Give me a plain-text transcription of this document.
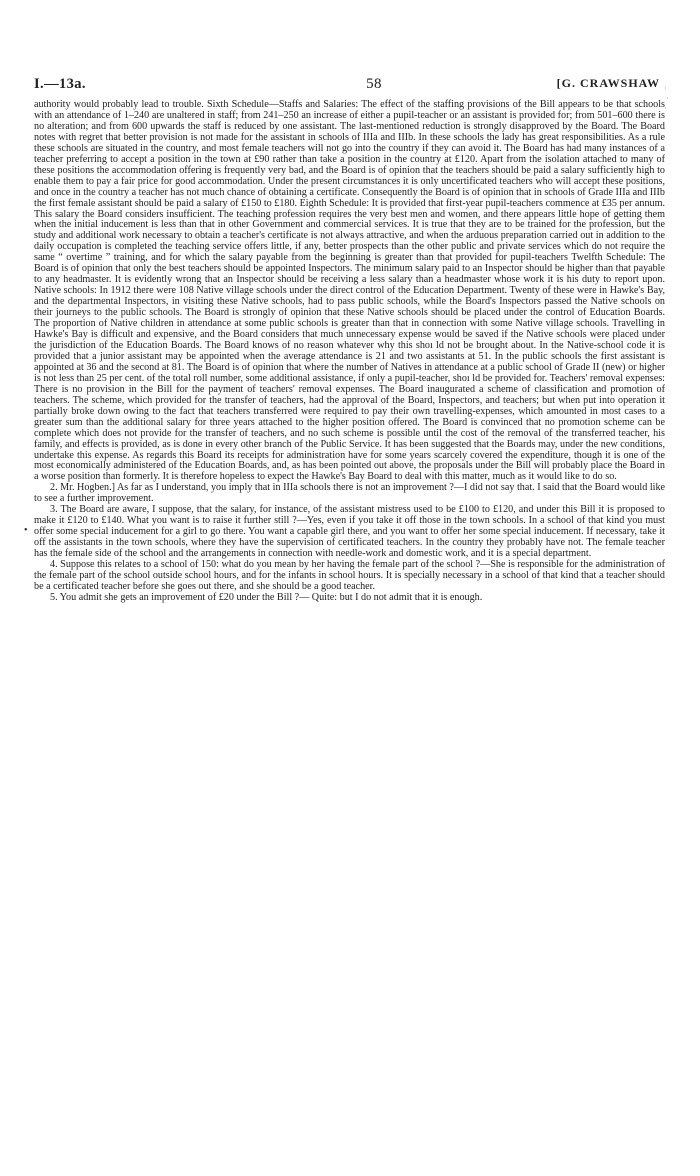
I.—13a.	58	[G. CRAWSHAW ·
·
·
•

authority would probably lead to trouble. Sixth Schedule—Staffs and Salaries: The effect of the staffing provisions of the Bill appears to be that schools with an attendance of 1–240 are unaltered in staff; from 241–250 an increase of either a pupil-teacher or an assistant is provided for; from 501–600 there is no alteration; and from 600 upwards the staff is reduced by one assistant. The last-mentioned reduction is strongly disapproved by the Board. The Board notes with regret that better provision is not made for the assistant in schools of IIIa and IIIb. In these schools the lady has great responsibilities. As a rule these schools are situated in the country, and most female teachers will not go into the country if they can avoid it. The Board has had many instances of a teacher preferring to accept a position in the town at £90 rather than take a position in the country at £120. Apart from the isolation attached to many of these positions the accommodation offering is frequently very bad, and the Board is of opinion that the teachers should be paid a salary sufficiently high to enable them to pay a fair price for good accommodation. Under the present circumstances it is only uncertificated teachers who will accept these positions, and once in the country a teacher has not much chance of obtaining a certificate. Consequently the Board is of opinion that in schools of Grade IIIa and IIIb the first female assistant should be paid a salary of £150 to £180. Eighth Schedule: It is provided that first-year pupil-teachers commence at £35 per annum. This salary the Board considers insufficient. The teaching profession requires the very best men and women, and there appears little hope of getting them when the initial inducement is less than that in other Government and commercial services. It is true that they are to be trained for the profession, but the study and additional work necessary to obtain a teacher's certificate is not always attractive, and when the arduous preparation carried out in addition to the daily occupation is completed the teaching service offers little, if any, better prospects than the other public and private services which do not require the same “ overtime ” training, and for which the salary payable from the beginning is greater than that provided for pupil-teachers Twelfth Schedule: The Board is of opinion that only the best teachers should be appointed Inspectors. The minimum salary paid to an Inspector should be higher than that payable to any headmaster. It is evidently wrong that an Inspector should be receiving a less salary than a headmaster whose work it is his duty to report upon. Native schools: In 1912 there were 108 Native village schools under the direct control of the Education Department. Twenty of these were in Hawke's Bay, and the departmental Inspectors, in visiting these Native schools, had to pass public schools, while the Board's Inspectors passed the Native schools on their journeys to the public schools. The Board is strongly of opinion that these Native schools should be placed under the control of Education Boards. The proportion of Native children in attendance at some public schools is greater than that in connection with some Native village schools. Travelling in Hawke's Bay is difficult and expensive, and the Board considers that much unnecessary expense would be saved if the Native schools were placed under the jurisdiction of the Education Boards. The Board knows of no reason whatever why this shoı ld not be brought about. In the Native-school code it is provided that a junior assistant may be appointed when the average attendance is 21 and two assistants at 51. In the public schools the first assistant is appointed at 36 and the second at 81. The Board is of opinion that where the number of Natives in attendance at a public school of Grade II (new) or higher is not less than 25 per cent. of the total roll number, some additional assistance, if only a pupil-teacher, shoı ld be provided for. Teachers' removal expenses: There is no provision in the Bill for the payment of teachers' removal expenses. The Board inaugurated a scheme of classification and promotion of teachers. The scheme, which provided for the transfer of teachers, had the approval of the Board, Inspectors, and teachers; but when put into operation it partially broke down owing to the fact that teachers transferred were required to pay their own travelling-expenses, which amounted in most cases to a greater sum than the additional salary for three years attached to the higher position offered. The Board is convinced that no promotion scheme can be complete which does not provide for the transfer of teachers, and no such scheme is possible until the cost of the removal of the transferred teacher, his family, and effects is provided, as is done in every other branch of the Public Service. It has been suggested that the Boards may, under the new conditions, undertake this expense. As regards this Board its receipts for administration have for some years scarcely covered the expenditure, though it is one of the most economically administered of the Education Boards, and, as has been pointed out above, the proposals under the Bill will probably place the Board in a worse position than formerly. It is therefore hopeless to expect the Hawke's Bay Board to deal with this matter, much as it would like to do so.

2. Mr. Hogben.] As far as I understand, you imply that in IIIa schools there is not an improvement ?—I did not say that. I said that the Board would like to see a further improvement.

3. The Board are aware, I suppose, that the salary, for instance, of the assistant mistress used to be £100 to £120, and under this Bill it is proposed to make it £120 to £140. What you want is to raise it further still ?—Yes, even if you take it off those in the town schools. In a school of that kind you must offer some special inducement for a girl to go there. You want a capable girl there, and you want to offer her some special inducement. If necessary, take it off the assistants in the town schools, where they have the supervision of certificated teachers. In the country they probably have not. The female teacher has the female side of the school and the arrangements in connection with needle-work and domestic work, and it is a special department.

4. Suppose this relates to a school of 150: what do you mean by her having the female part of the school ?—She is responsible for the administration of the female part of the school outside school hours, and for the infants in school hours. It is specially necessary in a school of that kind that a teacher should be a certificated teacher before she goes out there, and she should be a good teacher.

5. You admit she gets an improvement of £20 under the Bill ?— Quite: but I do not admit that it is enough.
